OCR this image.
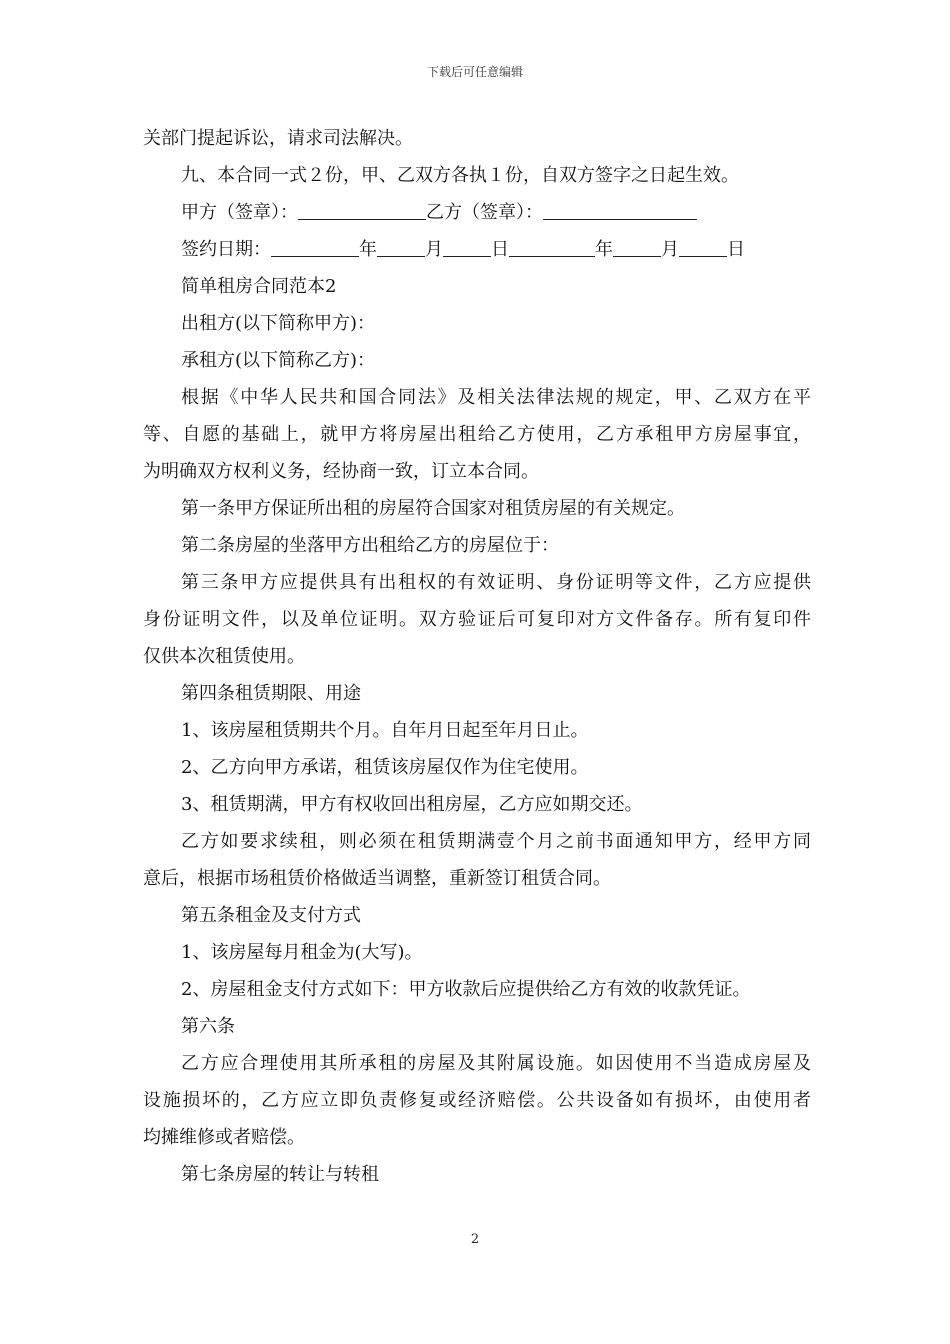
下载后可任意编辑

关部门提起诉讼，请求司法解决。

九、本合同一式２份，甲、乙双方各执１份，自双方签字之日起生效。

甲方（签章）：	乙方（签章）：

签约日期：	年	月	日	年	月	日

简单租房合同范本2

出租方(以下简称甲方)：

承租方(以下简称乙方)：

根据《中华人民共和国合同法》及相关法律法规的规定，甲、乙双方在平

等、自愿的基础上，就甲方将房屋出租给乙方使用，乙方承租甲方房屋事宜，

为明确双方权利义务，经协商一致，订立本合同。

第一条甲方保证所出租的房屋符合国家对租赁房屋的有关规定。

第二条房屋的坐落甲方出租给乙方的房屋位于：

第三条甲方应提供具有出租权的有效证明、身份证明等文件，乙方应提供

身份证明文件，以及单位证明。双方验证后可复印对方文件备存。所有复印件

仅供本次租赁使用。

第四条租赁期限、用途

1、该房屋租赁期共个月。自年月日起至年月日止。

2、乙方向甲方承诺，租赁该房屋仅作为住宅使用。

3、租赁期满，甲方有权收回出租房屋，乙方应如期交还。

乙方如要求续租，则必须在租赁期满壹个月之前书面通知甲方，经甲方同

意后，根据市场租赁价格做适当调整，重新签订租赁合同。

第五条租金及支付方式

1、该房屋每月租金为(大写)。

2、房屋租金支付方式如下：甲方收款后应提供给乙方有效的收款凭证。

第六条

乙方应合理使用其所承租的房屋及其附属设施。如因使用不当造成房屋及

设施损坏的，乙方应立即负责修复或经济赔偿。公共设备如有损坏，由使用者

均摊维修或者赔偿。

第七条房屋的转让与转租

2
